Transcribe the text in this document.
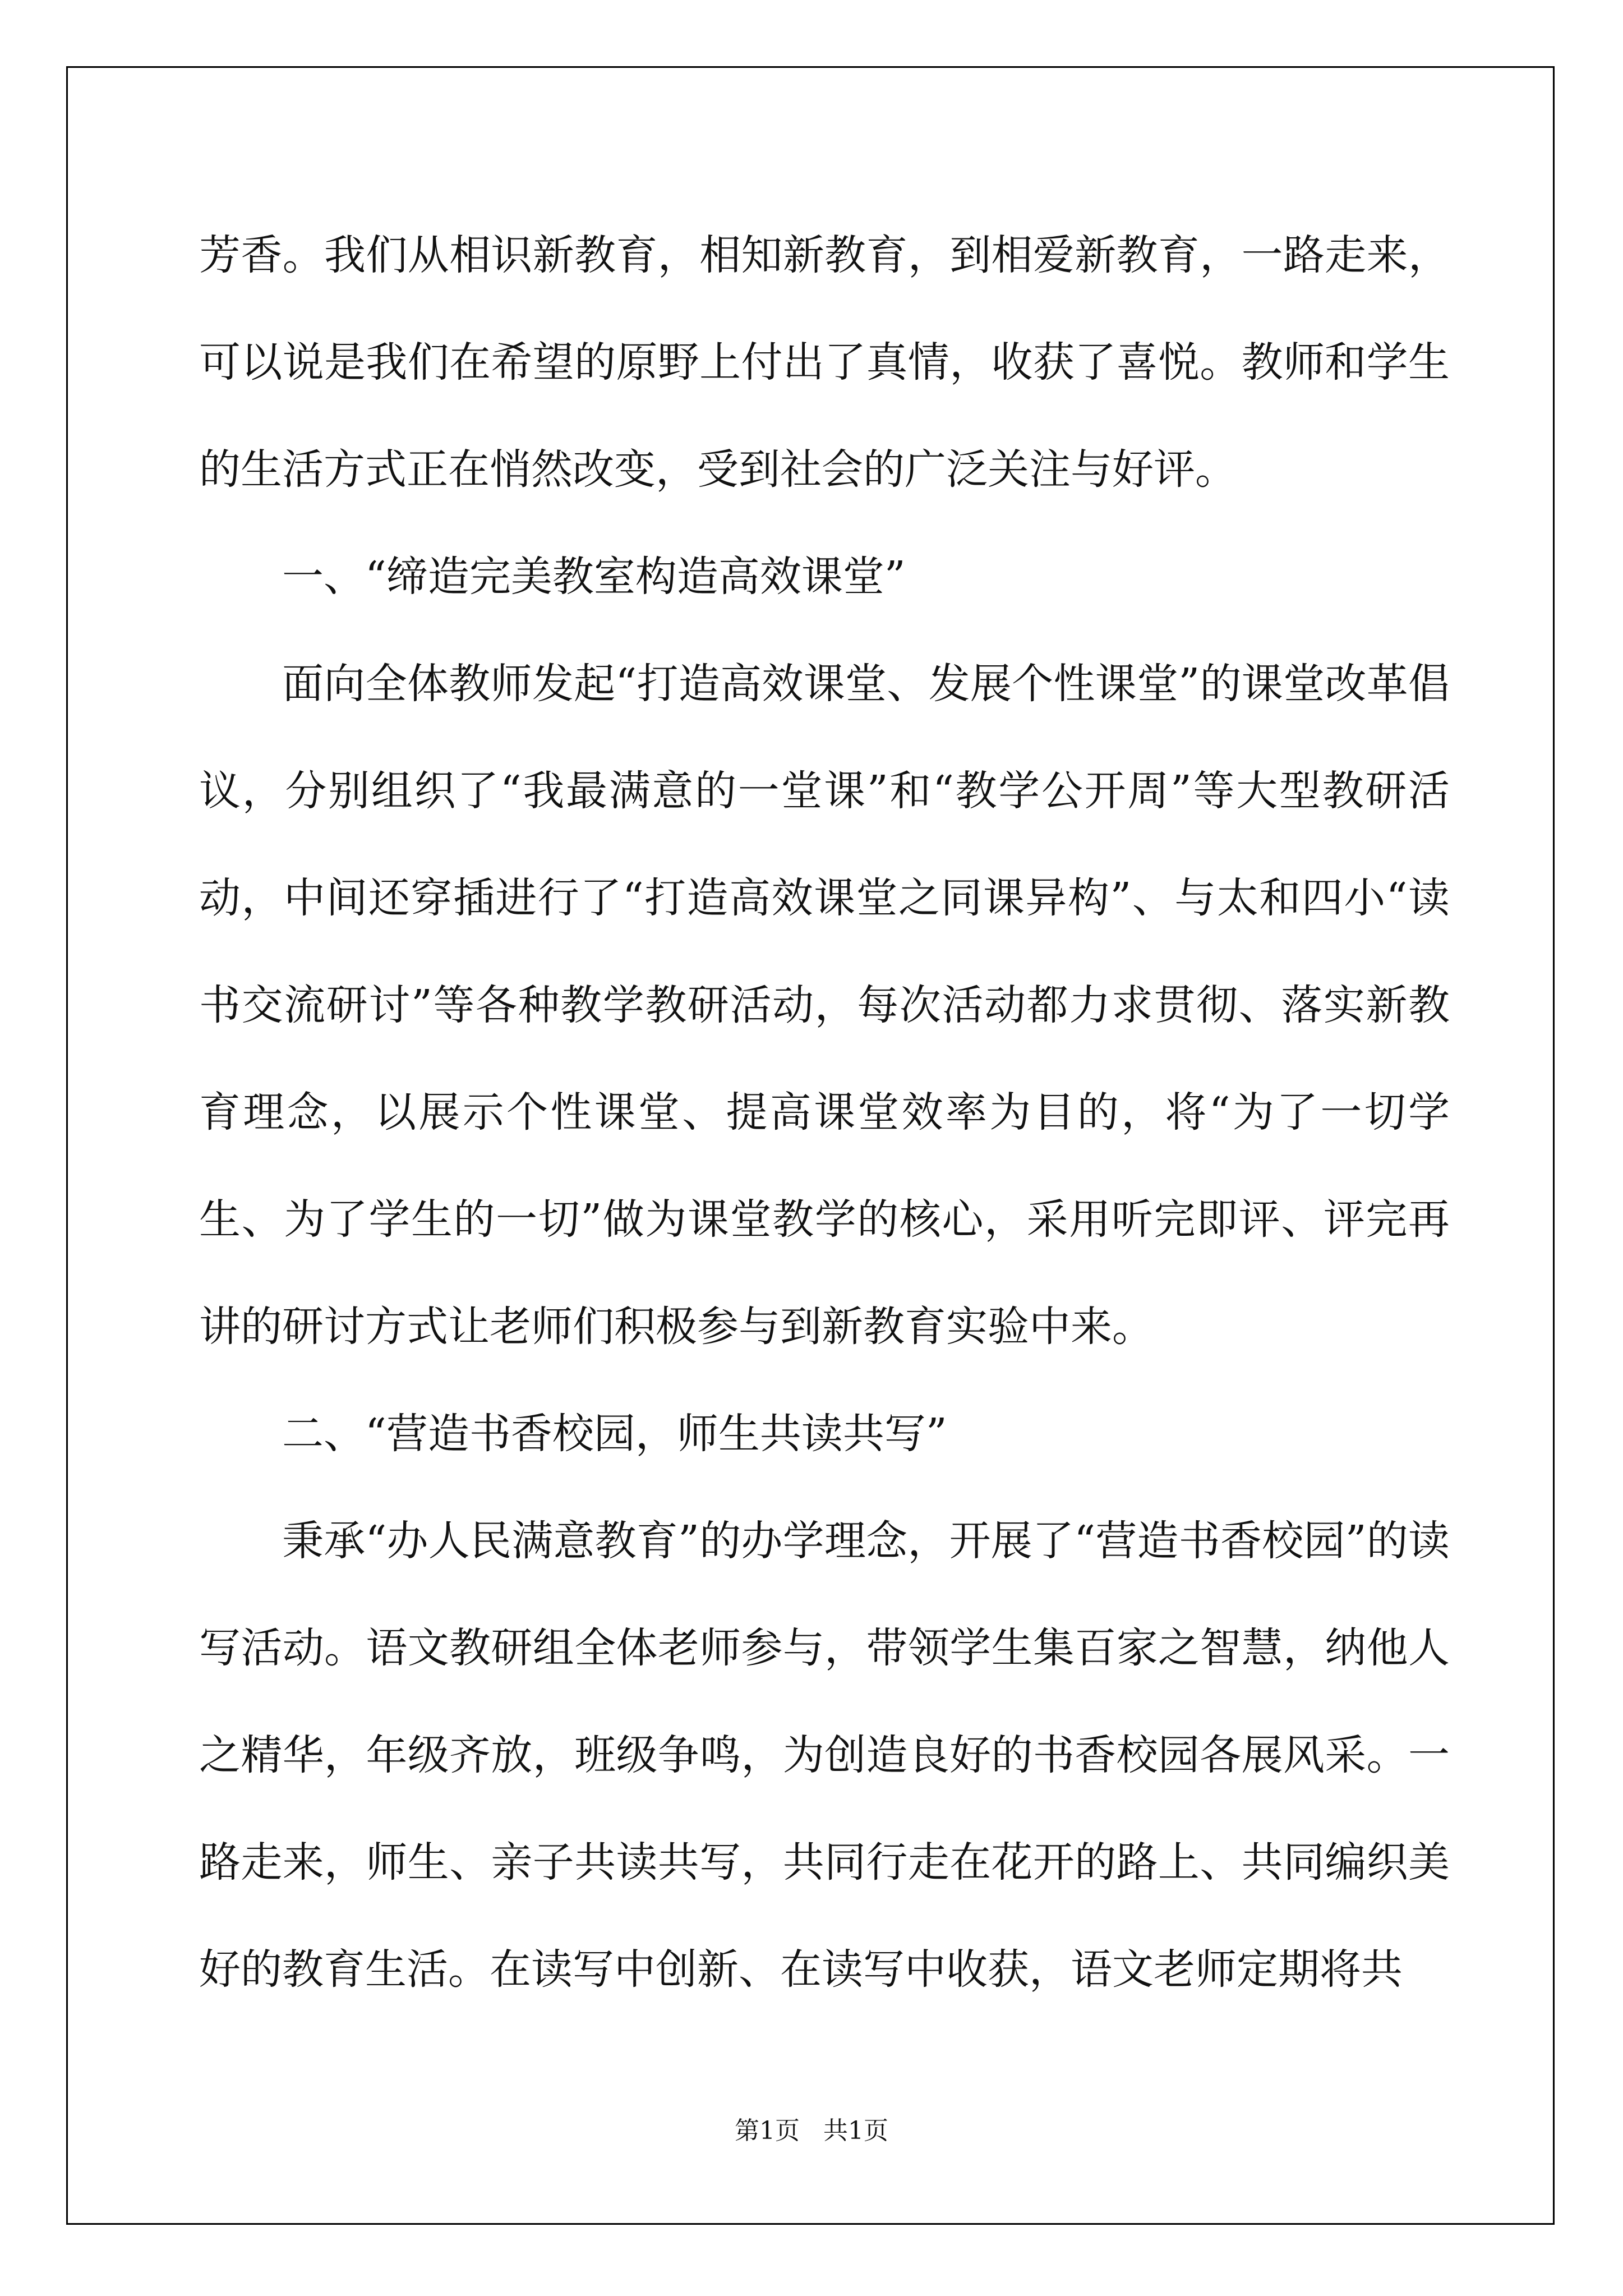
芳香。我们从相识新教育，相知新教育，到相爱新教育，一路走来，可以说是我们在希望的原野上付出了真情，收获了喜悦。教师和学生的生活方式正在悄然改变，受到社会的广泛关注与好评。

一、“缔造完美教室构造高效课堂”

面向全体教师发起“打造高效课堂、发展个性课堂”的课堂改革倡议，分别组织了“我最满意的一堂课”和“教学公开周”等大型教研活动，中间还穿插进行了“打造高效课堂之同课异构”、与太和四小“读书交流研讨”等各种教学教研活动，每次活动都力求贯彻、落实新教育理念，以展示个性课堂、提高课堂效率为目的，将“为了一切学生、为了学生的一切”做为课堂教学的核心，采用听完即评、评完再讲的研讨方式让老师们积极参与到新教育实验中来。

二、“营造书香校园，师生共读共写”

秉承“办人民满意教育”的办学理念，开展了“营造书香校园”的读写活动。语文教研组全体老师参与，带领学生集百家之智慧，纳他人之精华，年级齐放，班级争鸣，为创造良好的书香校园各展风采。一路走来，师生、亲子共读共写，共同行走在花开的路上、共同编织美好的教育生活。在读写中创新、在读写中收获，语文老师定期将共

第1页   共1页
